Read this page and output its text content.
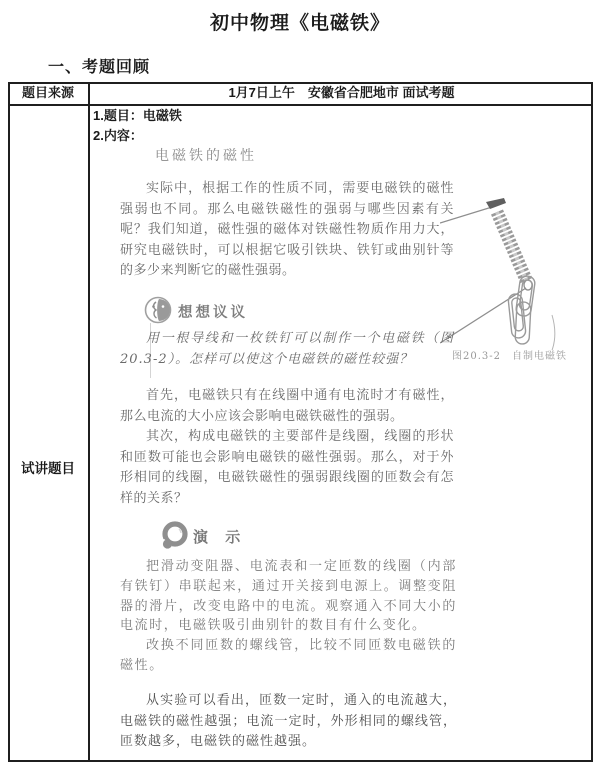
初中物理《电磁铁》
一、考题回顾
题目来源	1月7日上午　安徽省合肥地市 面试考题
试讲题目
1.题目：电磁铁
2.内容：
电磁铁的磁性
实际中，根据工作的性质不同，需要电磁铁的磁性强弱也不同。那么电磁铁磁性的强弱与哪些因素有关呢？我们知道，磁性强的磁体对铁磁性物质作用力大，研究电磁铁时，可以根据它吸引铁块、铁钉或曲别针等的多少来判断它的磁性强弱。
图20.3-2　自制电磁铁
想想议议
用一根导线和一枚铁钉可以制作一个电磁铁（图20.3-2）。怎样可以使这个电磁铁的磁性较强？
首先，电磁铁只有在线圈中通有电流时才有磁性，那么电流的大小应该会影响电磁铁磁性的强弱。
其次，构成电磁铁的主要部件是线圈，线圈的形状和匝数可能也会影响电磁铁的磁性强弱。那么，对于外形相同的线圈，电磁铁磁性的强弱跟线圈的匝数会有怎样的关系？
演 示
把滑动变阻器、电流表和一定匝数的线圈（内部有铁钉）串联起来，通过开关接到电源上。调整变阻器的滑片，改变电路中的电流。观察通入不同大小的电流时，电磁铁吸引曲别针的数目有什么变化。
改换不同匝数的螺线管，比较不同匝数电磁铁的磁性。
从实验可以看出，匝数一定时，通入的电流越大，电磁铁的磁性越强；电流一定时，外形相同的螺线管，匝数越多，电磁铁的磁性越强。
